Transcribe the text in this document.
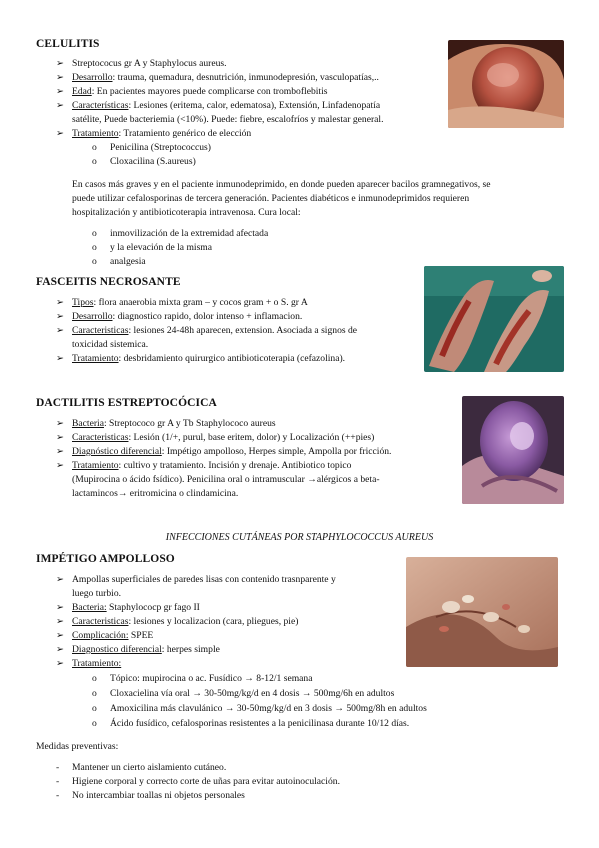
CELULITIS
➢ Streptococus gr A y Staphylocus aureus.
➢ Desarrollo: trauma, quemadura, desnutrición, inmunodepresión, vasculopatías,..
➢ Edad: En pacientes mayores puede complicarse con tromboflebitis
➢ Características: Lesiones (eritema, calor, edematosa), Extensión, Linfadenopatía
satélite, Puede bacteriemia (<10%). Puede: fiebre, escalofríos y malestar general.
➢ Tratamiento: Tratamiento genérico de elección
o	Penicilina (Streptococcus)
o	Cloxacilina (S.aureus)
En casos más graves y en el paciente inmunodeprimido, en donde pueden aparecer bacilos gramnegativos, se
puede utilizar cefalosporinas de tercera generación. Pacientes diabéticos e inmunodeprimidos requieren
hospitalización y antibioticoterapia intravenosa. Cura local:
o	inmovilización de la extremidad afectada
o	y la elevación de la misma
o	analgesia
FASCEITIS NECROSANTE
➢ Tipos: flora anaerobia mixta gram – y cocos gram + o S. gr A
➢ Desarrollo: diagnostico rapido, dolor intenso + inflamacion.
➢ Caracteristicas: lesiones 24-48h aparecen, extension. Asociada a signos de
toxicidad sistemica.
➢ Tratamiento: desbridamiento quirurgico antibioticoterapia (cefazolina).
DACTILITIS ESTREPTOCÓCICA
➢ Bacteria: Streptococo gr A y Tb Staphylococo aureus
➢ Caracteristicas: Lesión (1/+, purul, base eritem, dolor) y Localización (++pies)
➢ Diagnóstico diferencial: Impétigo ampolloso, Herpes simple, Ampolla por fricción.
➢ Tratamiento: cultivo y tratamiento. Incisión y drenaje. Antibiotico topico
(Mupirocina o ácido fsídico). Penicilina oral o intramuscular →alérgicos a beta-
lactamincos→ eritromicina o clindamicina.
INFECCIONES CUTÁNEAS POR STAPHYLOCOCCUS AUREUS
IMPÉTIGO AMPOLLOSO
➢ Ampollas superficiales de paredes lisas con contenido trasnparente y
luego turbio.
➢ Bacteria: Staphylococp gr fago II
➢ Caracteristicas: lesiones y localizacion (cara, pliegues, pie)
➢ Complicación: SPEE
➢ Diagnostico diferencial: herpes simple
➢ Tratamiento:
o	Tópico: mupirocina o ac. Fusídico → 8-12/1 semana
o	Cloxacielina vía oral → 30-50mg/kg/d en 4 dosis → 500mg/6h en adultos
o	Amoxicilina más clavulánico → 30-50mg/kg/d en 3 dosis → 500mg/8h en adultos
o	Ácido fusídico, cefalosporinas resistentes a la penicilinasa durante 10/12 días.
Medidas preventivas:
-	Mantener un cierto aislamiento cutáneo.
-	Higiene corporal y correcto corte de uñas para evitar autoinoculación.
-	No intercambiar toallas ni objetos personales
